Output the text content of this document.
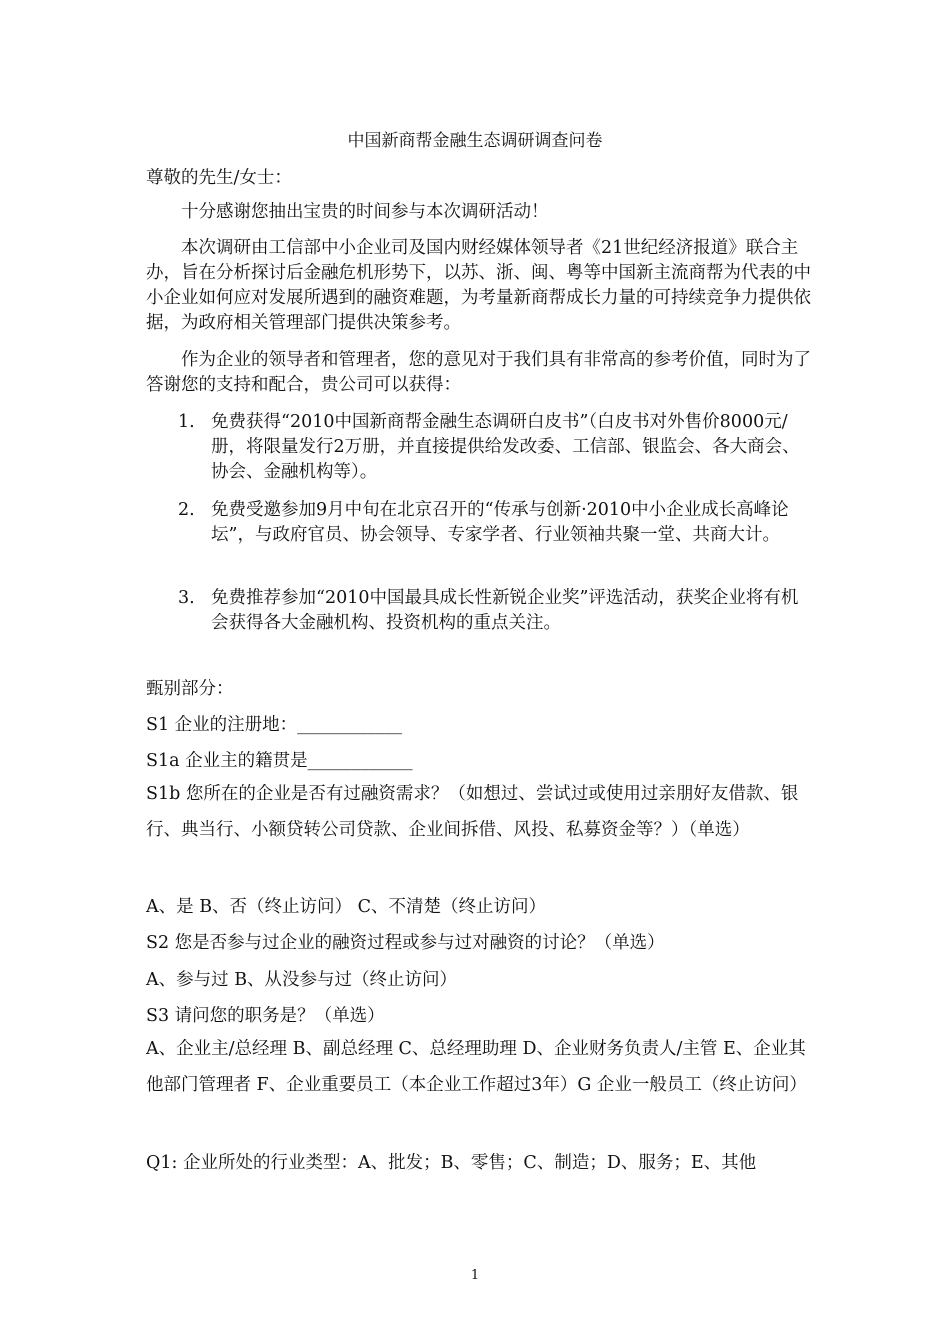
中国新商帮金融生态调研调查问卷
尊敬的先生/女士：
十分感谢您抽出宝贵的时间参与本次调研活动！
本次调研由工信部中小企业司及国内财经媒体领导者《21世纪经济报道》联合主办，旨在分析探讨后金融危机形势下，以苏、浙、闽、粤等中国新主流商帮为代表的中小企业如何应对发展所遇到的融资难题，为考量新商帮成长力量的可持续竞争力提供依据，为政府相关管理部门提供决策参考。
作为企业的领导者和管理者，您的意见对于我们具有非常高的参考价值，同时为了答谢您的支持和配合，贵公司可以获得：
1. 免费获得“2010中国新商帮金融生态调研白皮书”（白皮书对外售价8000元/册，将限量发行2万册，并直接提供给发改委、工信部、银监会、各大商会、协会、金融机构等）。
2. 免费受邀参加9月中旬在北京召开的“传承与创新·2010中小企业成长高峰论坛”，与政府官员、协会领导、专家学者、行业领袖共聚一堂、共商大计。
3. 免费推荐参加“2010中国最具成长性新锐企业奖”评选活动，获奖企业将有机会获得各大金融机构、投资机构的重点关注。
甄别部分：
S1 企业的注册地：____________
S1a 企业主的籍贯是____________
S1b 您所在的企业是否有过融资需求？（如想过、尝试过或使用过亲朋好友借款、银行、典当行、小额贷转公司贷款、企业间拆借、风投、私募资金等？）（单选）
A、是 B、否（终止访问） C、不清楚（终止访问）
S2 您是否参与过企业的融资过程或参与过对融资的讨论？（单选）
A、参与过 B、从没参与过（终止访问）
S3 请问您的职务是？（单选）
A、企业主/总经理 B、副总经理 C、总经理助理 D、企业财务负责人/主管 E、企业其他部门管理者 F、企业重要员工（本企业工作超过3年）G 企业一般员工（终止访问）
Q1: 企业所处的行业类型：A、批发；B、零售；C、制造；D、服务；E、其他
1
